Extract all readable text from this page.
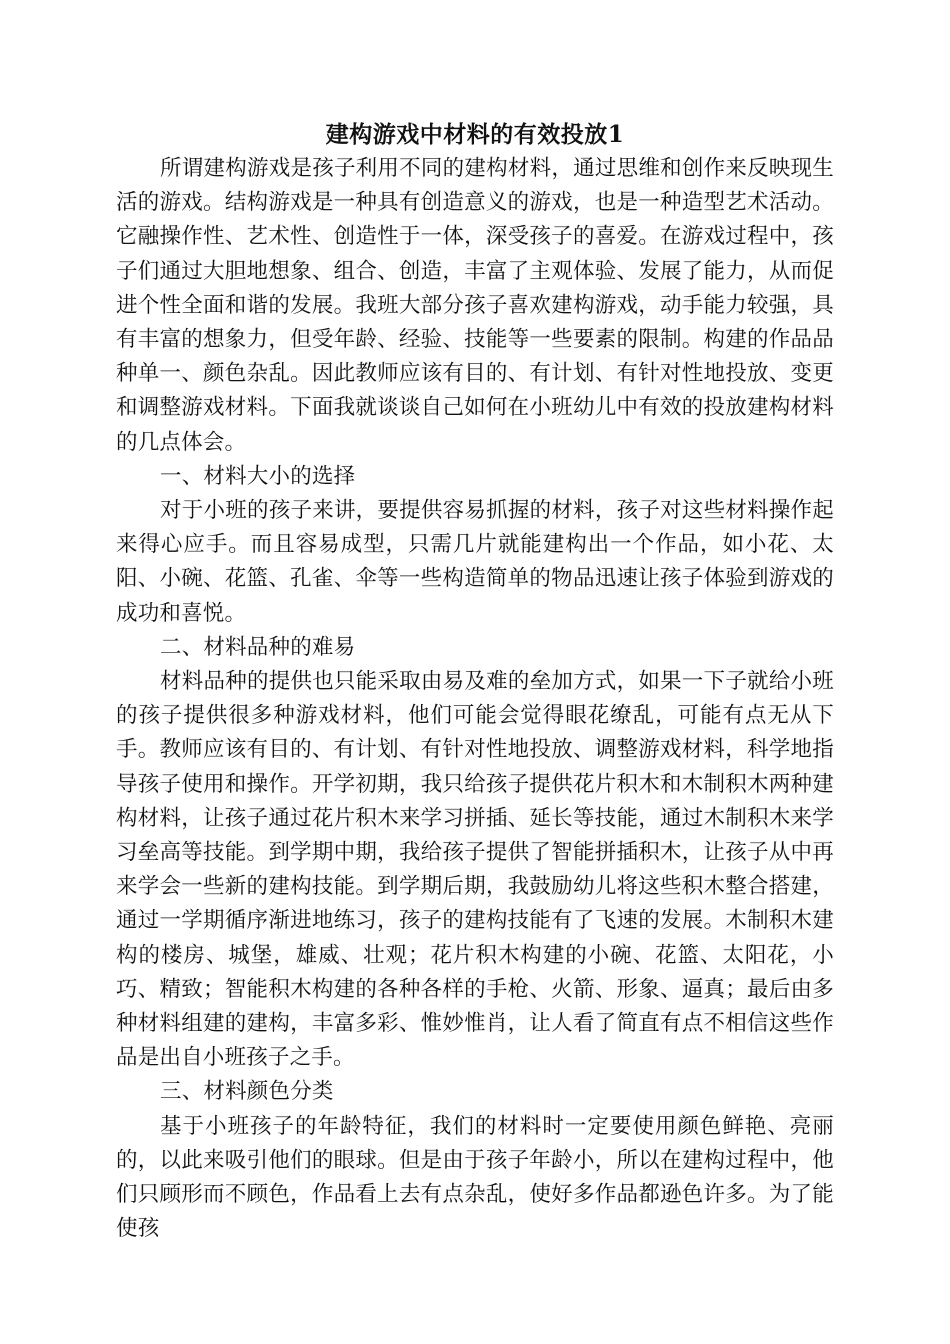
建构游戏中材料的有效投放1

所谓建构游戏是孩子利用不同的建构材料，通过思维和创作来反映现生活的游戏。结构游戏是一种具有创造意义的游戏，也是一种造型艺术活动。它融操作性、艺术性、创造性于一体，深受孩子的喜爱。在游戏过程中，孩子们通过大胆地想象、组合、创造，丰富了主观体验、发展了能力，从而促进个性全面和谐的发展。我班大部分孩子喜欢建构游戏，动手能力较强，具有丰富的想象力，但受年龄、经验、技能等一些要素的限制。构建的作品品种单一、颜色杂乱。因此教师应该有目的、有计划、有针对性地投放、变更和调整游戏材料。下面我就谈谈自己如何在小班幼儿中有效的投放建构材料的几点体会。

一、材料大小的选择

对于小班的孩子来讲，要提供容易抓握的材料，孩子对这些材料操作起来得心应手。而且容易成型，只需几片就能建构出一个作品，如小花、太阳、小碗、花篮、孔雀、伞等一些构造简单的物品迅速让孩子体验到游戏的成功和喜悦。

二、材料品种的难易

材料品种的提供也只能采取由易及难的垒加方式，如果一下子就给小班的孩子提供很多种游戏材料，他们可能会觉得眼花缭乱，可能有点无从下手。教师应该有目的、有计划、有针对性地投放、调整游戏材料，科学地指导孩子使用和操作。开学初期，我只给孩子提供花片积木和木制积木两种建构材料，让孩子通过花片积木来学习拼插、延长等技能，通过木制积木来学习垒高等技能。到学期中期，我给孩子提供了智能拼插积木，让孩子从中再来学会一些新的建构技能。到学期后期，我鼓励幼儿将这些积木整合搭建，通过一学期循序渐进地练习，孩子的建构技能有了飞速的发展。木制积木建构的楼房、城堡，雄威、壮观；花片积木构建的小碗、花篮、太阳花，小巧、精致；智能积木构建的各种各样的手枪、火箭、形象、逼真；最后由多种材料组建的建构，丰富多彩、惟妙惟肖，让人看了简直有点不相信这些作品是出自小班孩子之手。

三、材料颜色分类

基于小班孩子的年龄特征，我们的材料时一定要使用颜色鲜艳、亮丽的，以此来吸引他们的眼球。但是由于孩子年龄小，所以在建构过程中，他们只顾形而不顾色，作品看上去有点杂乱，使好多作品都逊色许多。为了能使孩
